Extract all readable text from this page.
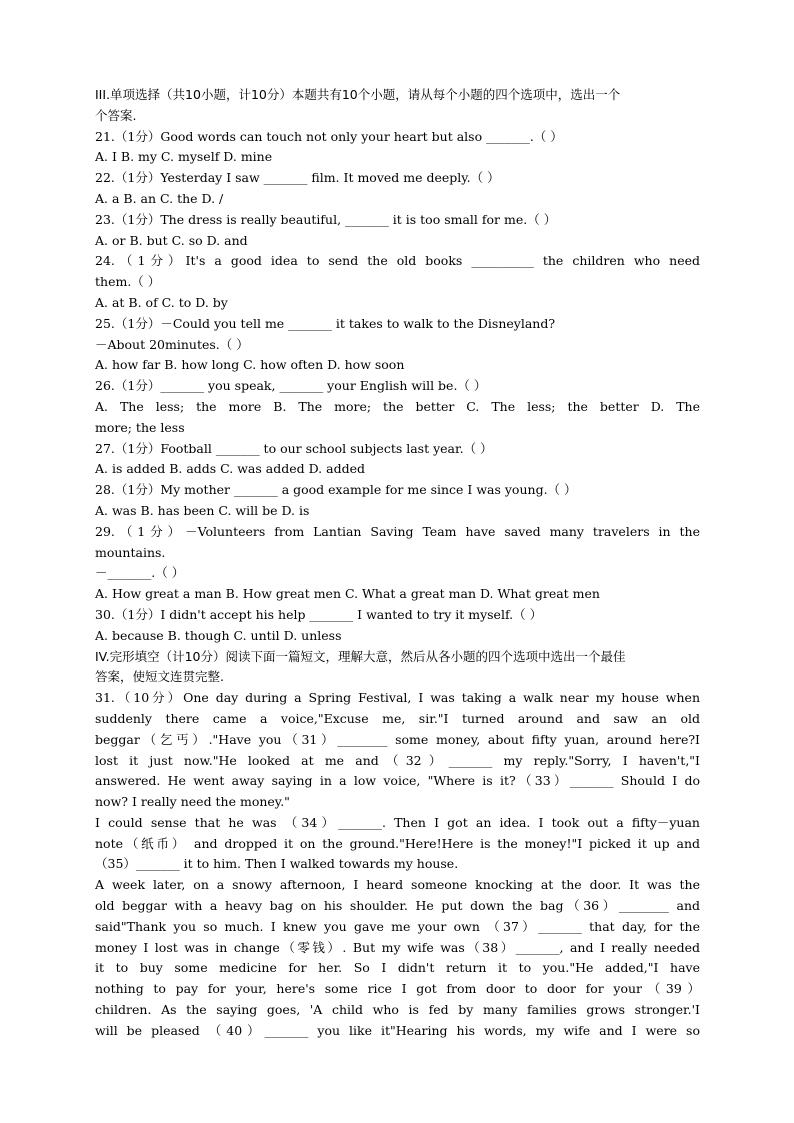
III.单项选择（共10小题，计10分）本题共有10个小题，请从每个小题的四个选项中，选出一个
个答案.
21.（1分）Good words can touch not only your heart but also _______.（ ）
A. I B. my C. myself D. mine
22.（1分）Yesterday I saw _______ film. It moved me deeply.（ ）
A. a B. an C. the D. /
23.（1分）The dress is really beautiful, _______ it is too small for me.（ ）
A. or B. but C. so D. and
24.（1分）It's a good idea to send the old books __________ the children who need
them.（ ）
A. at B. of C. to D. by
25.（1分）－Could you tell me _______ it takes to walk to the Disneyland?
－About 20minutes.（ ）
A. how far B. how long C. how often D. how soon
26.（1分）_______ you speak, _______ your English will be.（ ）
A. The less; the more B. The more; the better C. The less; the better D. The
more; the less
27.（1分）Football _______ to our school subjects last year.（ ）
A. is added B. adds C. was added D. added
28.（1分）My mother _______ a good example for me since I was young.（ ）
A. was B. has been C. will be D. is
29.（1分）－Volunteers from Lantian Saving Team have saved many travelers in the
mountains.
－_______.（ ）
A. How great a man B. How great men C. What a great man D. What great men
30.（1分）I didn't accept his help _______ I wanted to try it myself.（ ）
A. because B. though C. until D. unless
IV.完形填空（计10分）阅读下面一篇短文，理解大意，然后从各小题的四个选项中选出一个最佳
答案，使短文连贯完整.
31.（10分）One day during a Spring Festival, I was taking a walk near my house when
suddenly there came a voice,"Excuse me, sir."I turned around and saw an old
beggar（乞丐）."Have you（31）________ some money, about fifty yuan, around here?I
lost it just now."He looked at me and（32）_______ my reply."Sorry, I haven't,"I
answered. He went away saying in a low voice, "Where is it?（33）_______ Should I do
now? I really need the money."
I could sense that he was （34）_______. Then I got an idea. I took out a fifty－yuan
note（纸币） and dropped it on the ground."Here!Here is the money!"I picked it up and
（35）_______ it to him. Then I walked towards my house.
A week later, on a snowy afternoon, I heard someone knocking at the door. It was the
old beggar with a heavy bag on his shoulder. He put down the bag（36）________ and
said"Thank you so much. I knew you gave me your own （37）_______ that day, for the
money I lost was in change（零钱）. But my wife was（38）_______, and I really needed
it to buy some medicine for her. So I didn't return it to you."He added,"I have
nothing to pay for your, here's some rice I got from door to door for your（39）
children. As the saying goes, 'A child who is fed by many families grows stronger.'I
will be pleased （40）_______ you like it"Hearing his words, my wife and I were so
